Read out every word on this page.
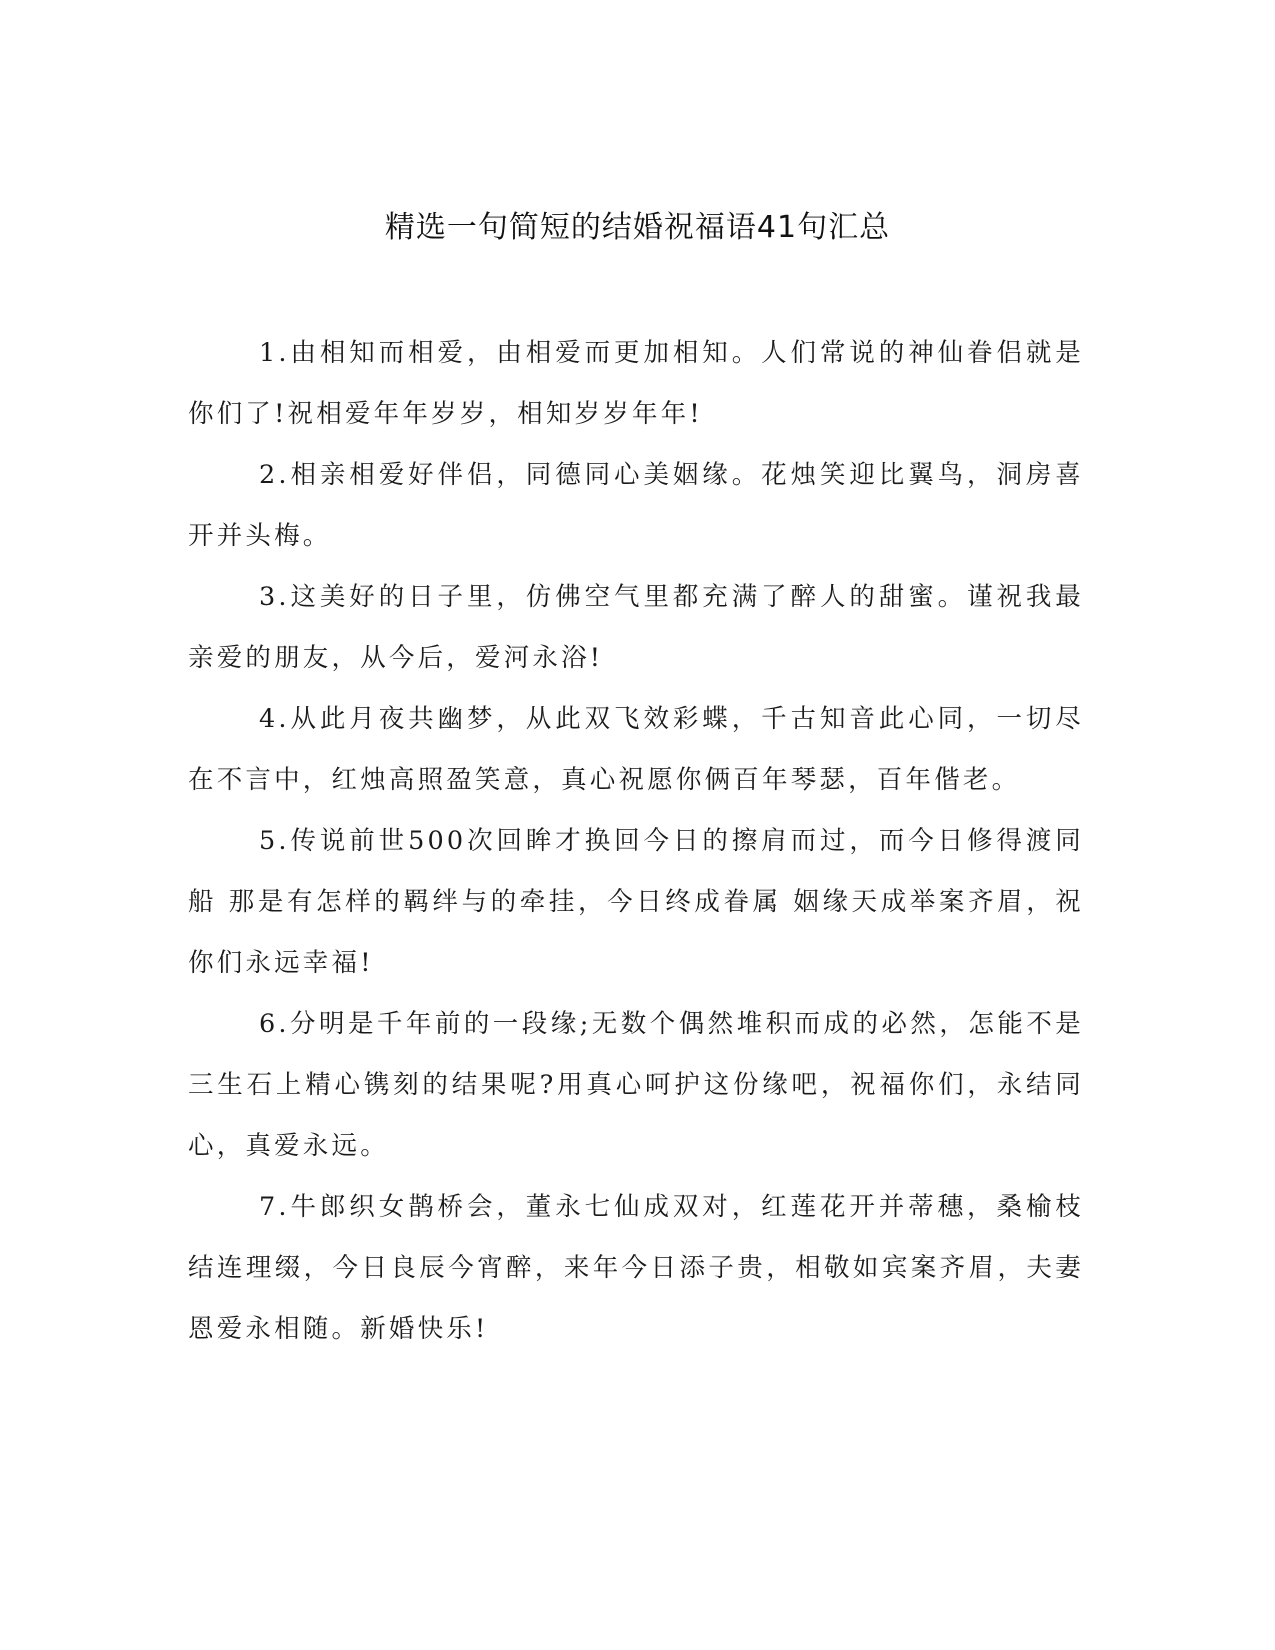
精选一句简短的结婚祝福语41句汇总

1.由相知而相爱，由相爱而更加相知。人们常说的神仙眷侣就是你们了!祝相爱年年岁岁，相知岁岁年年!

2.相亲相爱好伴侣，同德同心美姻缘。花烛笑迎比翼鸟，洞房喜开并头梅。

3.这美好的日子里，仿佛空气里都充满了醉人的甜蜜。谨祝我最亲爱的朋友，从今后，爱河永浴!

4.从此月夜共幽梦，从此双飞效彩蝶，千古知音此心同，一切尽在不言中，红烛高照盈笑意，真心祝愿你俩百年琴瑟，百年偕老。

5.传说前世500次回眸才换回今日的擦肩而过，而今日修得渡同船 那是有怎样的羁绊与的牵挂，今日终成眷属 姻缘天成举案齐眉，祝你们永远幸福!

6.分明是千年前的一段缘;无数个偶然堆积而成的必然，怎能不是三生石上精心镌刻的结果呢?用真心呵护这份缘吧，祝福你们，永结同心，真爱永远。

7.牛郎织女鹊桥会，董永七仙成双对，红莲花开并蒂穗，桑榆枝结连理缀，今日良辰今宵醉，来年今日添子贵，相敬如宾案齐眉，夫妻恩爱永相随。新婚快乐!
